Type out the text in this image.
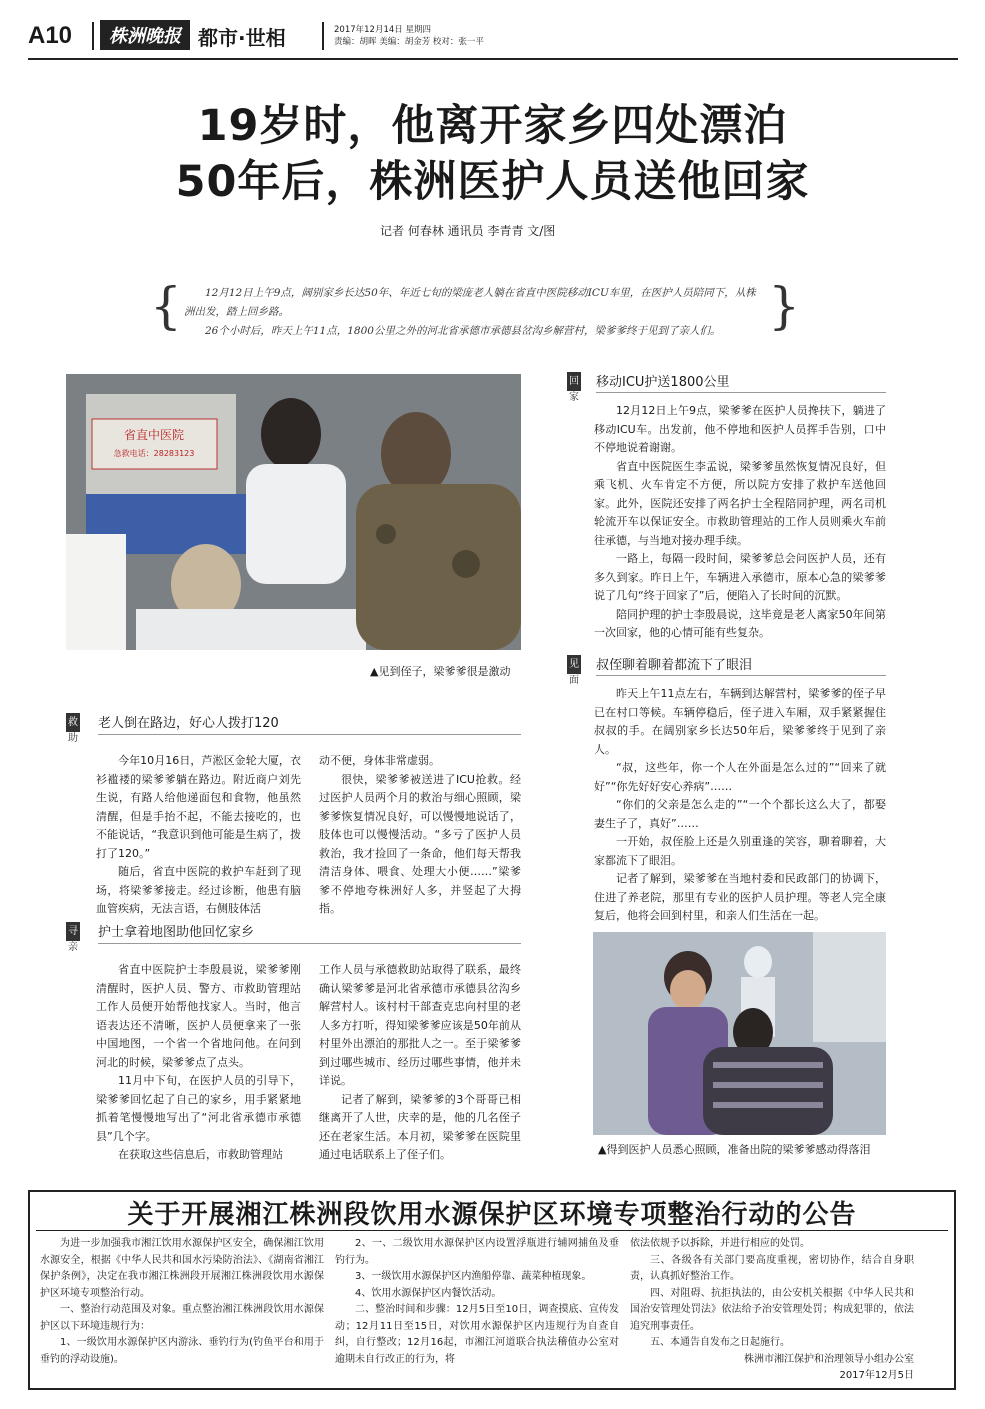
A10	株洲晚报 都市·世相	2017年12月14日 星期四
责编：胡晖 美编：胡金芳 校对：张一平
19岁时，他离开家乡四处漂泊
50年后，株洲医护人员送他回家
记者 何春林 通讯员 李青青 文/图
{	}

12月12日上午9点，阔别家乡长达50年、年近七旬的梁庞老人躺在省直中医院移动ICU车里，在医护人员陪同下，从株洲出发，踏上回乡路。

26个小时后，昨天上午11点，1800公里之外的河北省承德市承德县岔沟乡解营村，梁爹爹终于见到了亲人们。

省直中医院
急救电话：28283123
▲见到侄子，梁爹爹很是激动
救
助
老人倒在路边，好心人拨打120

今年10月16日，芦淞区金轮大厦，衣衫褴褛的梁爹爹躺在路边。附近商户刘先生说，有路人给他递面包和食物，他虽然清醒，但是手抬不起，不能去接吃的，也不能说话，“我意识到他可能是生病了，拨打了120。”

随后，省直中医院的救护车赶到了现场，将梁爹爹接走。经过诊断，他患有脑血管疾病，无法言语，右侧肢体活

动不便，身体非常虚弱。

很快，梁爹爹被送进了ICU抢救。经过医护人员两个月的救治与细心照顾，梁爹爹恢复情况良好，可以慢慢地说话了，肢体也可以慢慢活动。“多亏了医护人员救治，我才捡回了一条命，他们每天帮我清洁身体、喂食、处理大小便……”梁爹爹不停地夸株洲好人多，并竖起了大拇指。

寻
亲
护士拿着地图助他回忆家乡

省直中医院护士李殷晨说，梁爹爹刚清醒时，医护人员、警方、市救助管理站工作人员便开始帮他找家人。当时，他言语表达还不清晰，医护人员便拿来了一张中国地图，一个省一个省地问他。在问到河北的时候，梁爹爹点了点头。

11月中下旬，在医护人员的引导下，梁爹爹回忆起了自己的家乡，用手紧紧地抓着笔慢慢地写出了“河北省承德市承德县”几个字。

在获取这些信息后，市救助管理站

工作人员与承德救助站取得了联系，最终确认梁爹爹是河北省承德市承德县岔沟乡解营村人。该村村干部查克忠向村里的老人多方打听，得知梁爹爹应该是50年前从村里外出漂泊的那批人之一。至于梁爹爹到过哪些城市、经历过哪些事情，他并未详说。

记者了解到，梁爹爹的3个哥哥已相继离开了人世，庆幸的是，他的几名侄子还在老家生活。本月初，梁爹爹在医院里通过电话联系上了侄子们。

回
家
移动ICU护送1800公里

12月12日上午9点，梁爹爹在医护人员搀扶下，躺进了移动ICU车。出发前，他不停地和医护人员挥手告别，口中不停地说着谢谢。

省直中医院医生李孟说，梁爹爹虽然恢复情况良好，但乘飞机、火车肯定不方便，所以院方安排了救护车送他回家。此外，医院还安排了两名护士全程陪同护理，两名司机轮流开车以保证安全。市救助管理站的工作人员则乘火车前往承德，与当地对接办理手续。

一路上，每隔一段时间，梁爹爹总会问医护人员，还有多久到家。昨日上午，车辆进入承德市，原本心急的梁爹爹说了几句“终于回家了”后，便陷入了长时间的沉默。

陪同护理的护士李殷晨说，这毕竟是老人离家50年间第一次回家，他的心情可能有些复杂。

见
面
叔侄聊着聊着都流下了眼泪

昨天上午11点左右，车辆到达解营村，梁爹爹的侄子早已在村口等候。车辆停稳后，侄子进入车厢，双手紧紧握住叔叔的手。在阔别家乡长达50年后，梁爹爹终于见到了亲人。

“叔，这些年，你一个人在外面是怎么过的”“回来了就好”“你先好好安心养病”……

“你们的父亲是怎么走的”“一个个都长这么大了，都娶妻生子了，真好”……

一开始，叔侄脸上还是久别重逢的笑容，聊着聊着，大家都流下了眼泪。

记者了解到，梁爹爹在当地村委和民政部门的协调下，住进了养老院，那里有专业的医护人员护理。等老人完全康复后，他将会回到村里，和亲人们生活在一起。

▲得到医护人员悉心照顾，准备出院的梁爹爹感动得落泪
关于开展湘江株洲段饮用水源保护区环境专项整治行动的公告

为进一步加强我市湘江饮用水源保护区安全，确保湘江饮用水源安全，根据《中华人民共和国水污染防治法》、《湖南省湘江保护条例》，决定在我市湘江株洲段开展湘江株洲段饮用水源保护区环境专项整治行动。

一、整治行动范围及对象。重点整治湘江株洲段饮用水源保护区以下环境违规行为：

1、一级饮用水源保护区内游泳、垂钓行为(钓鱼平台和用于垂钓的浮动设施)。

2、一、二级饮用水源保护区内设置浮瓶进行辅网捕鱼及垂钓行为。

3、一级饮用水源保护区内渔船停靠、蔬菜种植现象。

4、饮用水源保护区内餐饮活动。

二、整治时间和步骤：12月5日至10日，调查摸底、宣传发动；12月11日至15日，对饮用水源保护区内违规行为自查自纠，自行整改；12月16起，市湘江河道联合执法稽值办公室对逾期未自行改正的行为，将

依法依规予以拆除，并进行相应的处罚。

三、各级各有关部门要高度重视，密切协作，结合自身职责，认真抓好整治工作。

四、对阻碍、抗拒执法的，由公安机关根据《中华人民共和国治安管理处罚法》依法给予治安管理处罚；构成犯罪的，依法追究刑事责任。

五、本通告自发布之日起施行。

株洲市湘江保护和治理领导小组办公室

2017年12月5日
